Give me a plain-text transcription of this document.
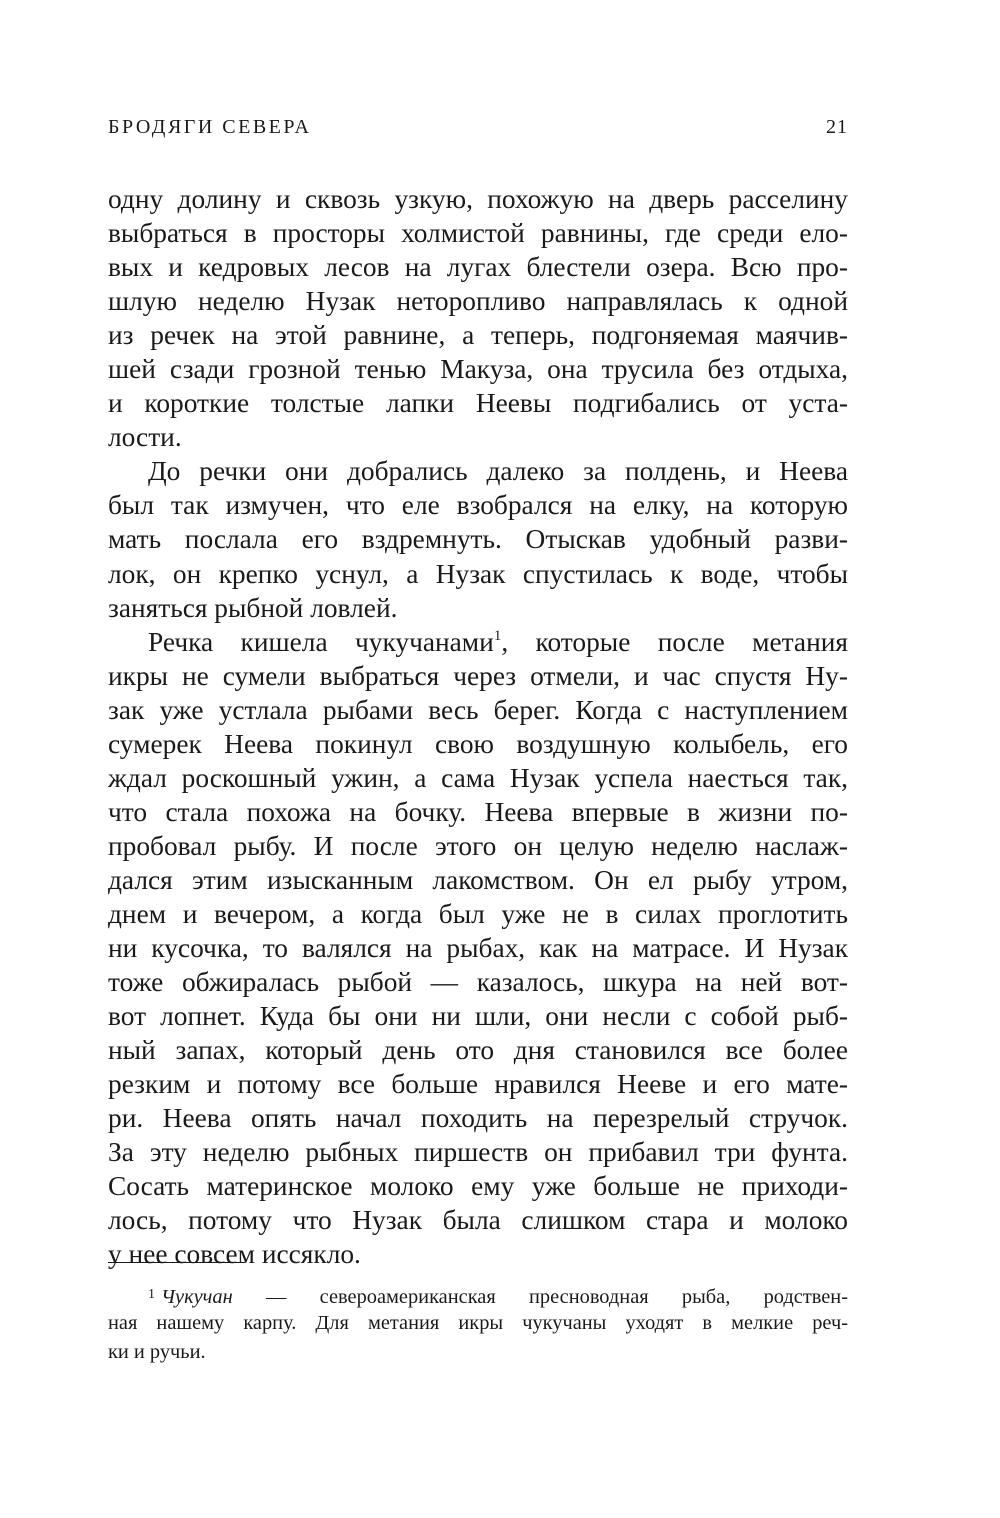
БРОДЯГИ СЕВЕРА	21
одну долину и сквозь узкую, похожую на дверь расселину
выбраться в просторы холмистой равнины, где среди ело-
вых и кедровых лесов на лугах блестели озера. Всю про-
шлую неделю Нузак неторопливо направлялась к одной
из речек на этой равнине, а теперь, подгоняемая маячив-
шей сзади грозной тенью Макуза, она трусила без отдыха,
и короткие толстые лапки Неевы подгибались от уста-
лости.
До речки они добрались далеко за полдень, и Неева
был так измучен, что еле взобрался на елку, на которую
мать послала его вздремнуть. Отыскав удобный разви-
лок, он крепко уснул, а Нузак спустилась к воде, чтобы
заняться рыбной ловлей.
Речка кишела чукучанами$^1$, которые после метания
икры не сумели выбраться через отмели, и час спустя Ну-
зак уже устлала рыбами весь берег. Когда с наступлением
сумерек Неева покинул свою воздушную колыбель, его
ждал роскошный ужин, а сама Нузак успела наесться так,
что стала похожа на бочку. Неева впервые в жизни по-
пробовал рыбу. И после этого он целую неделю наслаж-
дался этим изысканным лакомством. Он ел рыбу утром,
днем и вечером, а когда был уже не в силах проглотить
ни кусочка, то валялся на рыбах, как на матрасе. И Нузак
тоже обжиралась рыбой — казалось, шкура на ней вот-
вот лопнет. Куда бы они ни шли, они несли с собой рыб-
ный запах, который день ото дня становился все более
резким и потому все больше нравился Нееве и его мате-
ри. Неева опять начал походить на перезрелый стручок.
За эту неделю рыбных пиршеств он прибавил три фунта.
Сосать материнское молоко ему уже больше не приходи-
лось, потому что Нузак была слишком стара и молоко
у нее совсем иссякло.
$^1$ Чукучан — североамериканская пресноводная рыба, родствен-
ная нашему карпу. Для метания икры чукучаны уходят в мелкие реч-
ки и ручьи.
